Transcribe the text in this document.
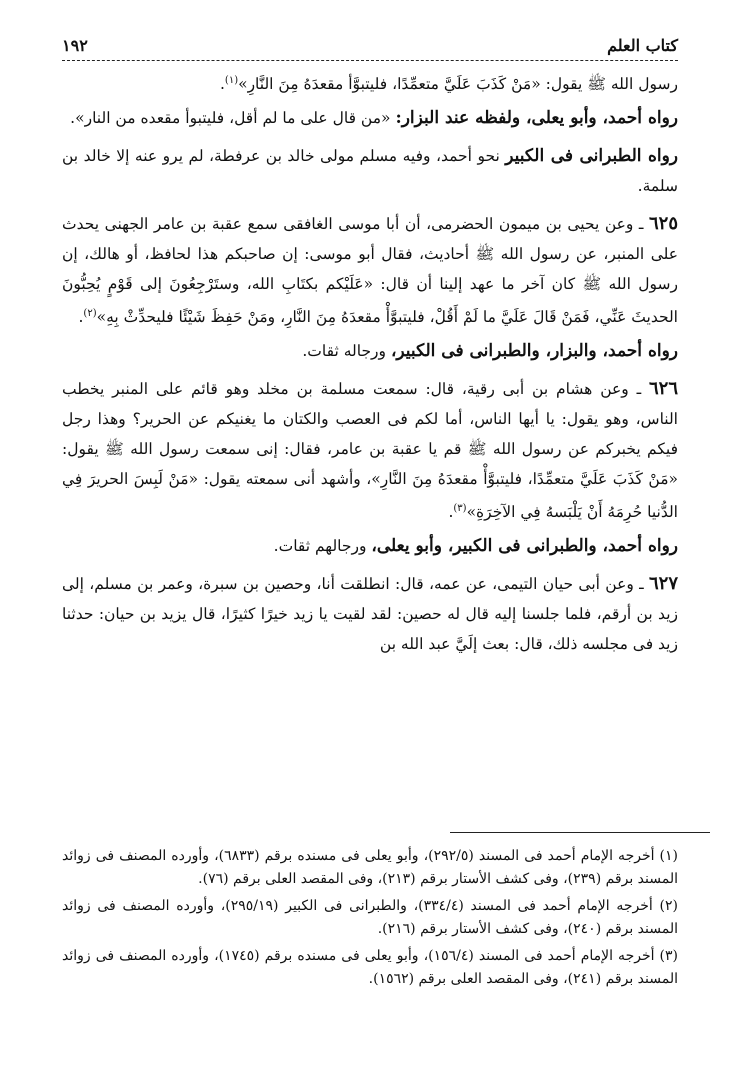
١٩٢	كتاب العلم

رسول الله ﷺ يقول: «مَنْ كَذَبَ عَلَيَّ متعمِّدًا، فليتبوَّأ مقعدَهُ مِنَ النَّارِ»$^{(١)}$.

رواه أحمد، وأبو يعلى، ولفظه عند البزار: «من قال على ما لم أقل، فليتبوأ مقعده من النار».

رواه الطبرانى فى الكبير نحو أحمد، وفيه مسلم مولى خالد بن عرفطة، لم يرو عنه إلا خالد بن سلمة.

٦٢٥ ـ وعن يحيى بن ميمون الحضرمى، أن أبا موسى الغافقى سمع عقبة بن عامر الجهنى يحدث على المنبر، عن رسول الله ﷺ أحاديث، فقال أبو موسى: إن صاحبكم هذا لحافظ، أو هالك، إن رسول الله ﷺ كان آخر ما عهد إلينا أن قال: «عَلَيْكم بكتَابِ الله، وستَرْجِعُونَ إلى قَوْمٍ يُحِبُّونَ الحديثَ عَنِّي، فَمَنْ قَالَ عَلَيَّ ما لَمْ أَقُلْ، فليتبوَّأْ مقعدَهُ مِنَ النَّارِ، ومَنْ حَفِظَ شَيْئًا فليحدِّثْ بِهِ»$^{(٢)}$.

رواه أحمد، والبزار، والطبرانى فى الكبير، ورجاله ثقات.

٦٢٦ ـ وعن هشام بن أبى رقية، قال: سمعت مسلمة بن مخلد وهو قائم على المنبر يخطب الناس، وهو يقول: يا أيها الناس، أما لكم فى العصب والكتان ما يغنيكم عن الحرير؟ وهذا رجل فيكم يخبركم عن رسول الله ﷺ قم يا عقبة بن عامر، فقال: إنى سمعت رسول الله ﷺ يقول: «مَنْ كَذَبَ عَلَيَّ متعمِّدًا، فليتبوَّأْ مقعدَهُ مِنَ النَّارِ»، وأشهد أنى سمعته يقول: «مَنْ لَبِسَ الحريرَ فِي الدُّنيا حُرِمَهُ أَنْ يَلْبَسهُ فِي الآخِرَةِ»$^{(٣)}$.

رواه أحمد، والطبرانى فى الكبير، وأبو يعلى، ورجالهم ثقات.

٦٢٧ ـ وعن أبى حيان التيمى، عن عمه، قال: انطلقت أنا، وحصين بن سبرة، وعمر بن مسلم، إلى زيد بن أرقم، فلما جلسنا إليه قال له حصين: لقد لقيت يا زيد خيرًا كثيرًا، قال يزيد بن حيان: حدثنا زيد فى مجلسه ذلك، قال: بعث إلَيَّ عبد الله بن

(١) أخرجه الإمام أحمد فى المسند (٢٩٢/٥)، وأبو يعلى فى مسنده برقم (٦٨٣٣)، وأورده المصنف فى زوائد المسند برقم (٢٣٩)، وفى كشف الأستار برقم (٢١٣)، وفى المقصد العلى برقم (٧٦).

(٢) أخرجه الإمام أحمد فى المسند (٣٣٤/٤)، والطبرانى فى الكبير (٢٩٥/١٩)، وأورده المصنف فى زوائد المسند برقم (٢٤٠)، وفى كشف الأستار برقم (٢١٦).

(٣) أخرجه الإمام أحمد فى المسند (١٥٦/٤)، وأبو يعلى فى مسنده برقم (١٧٤٥)، وأورده المصنف فى زوائد المسند برقم (٢٤١)، وفى المقصد العلى برقم (١٥٦٢).
